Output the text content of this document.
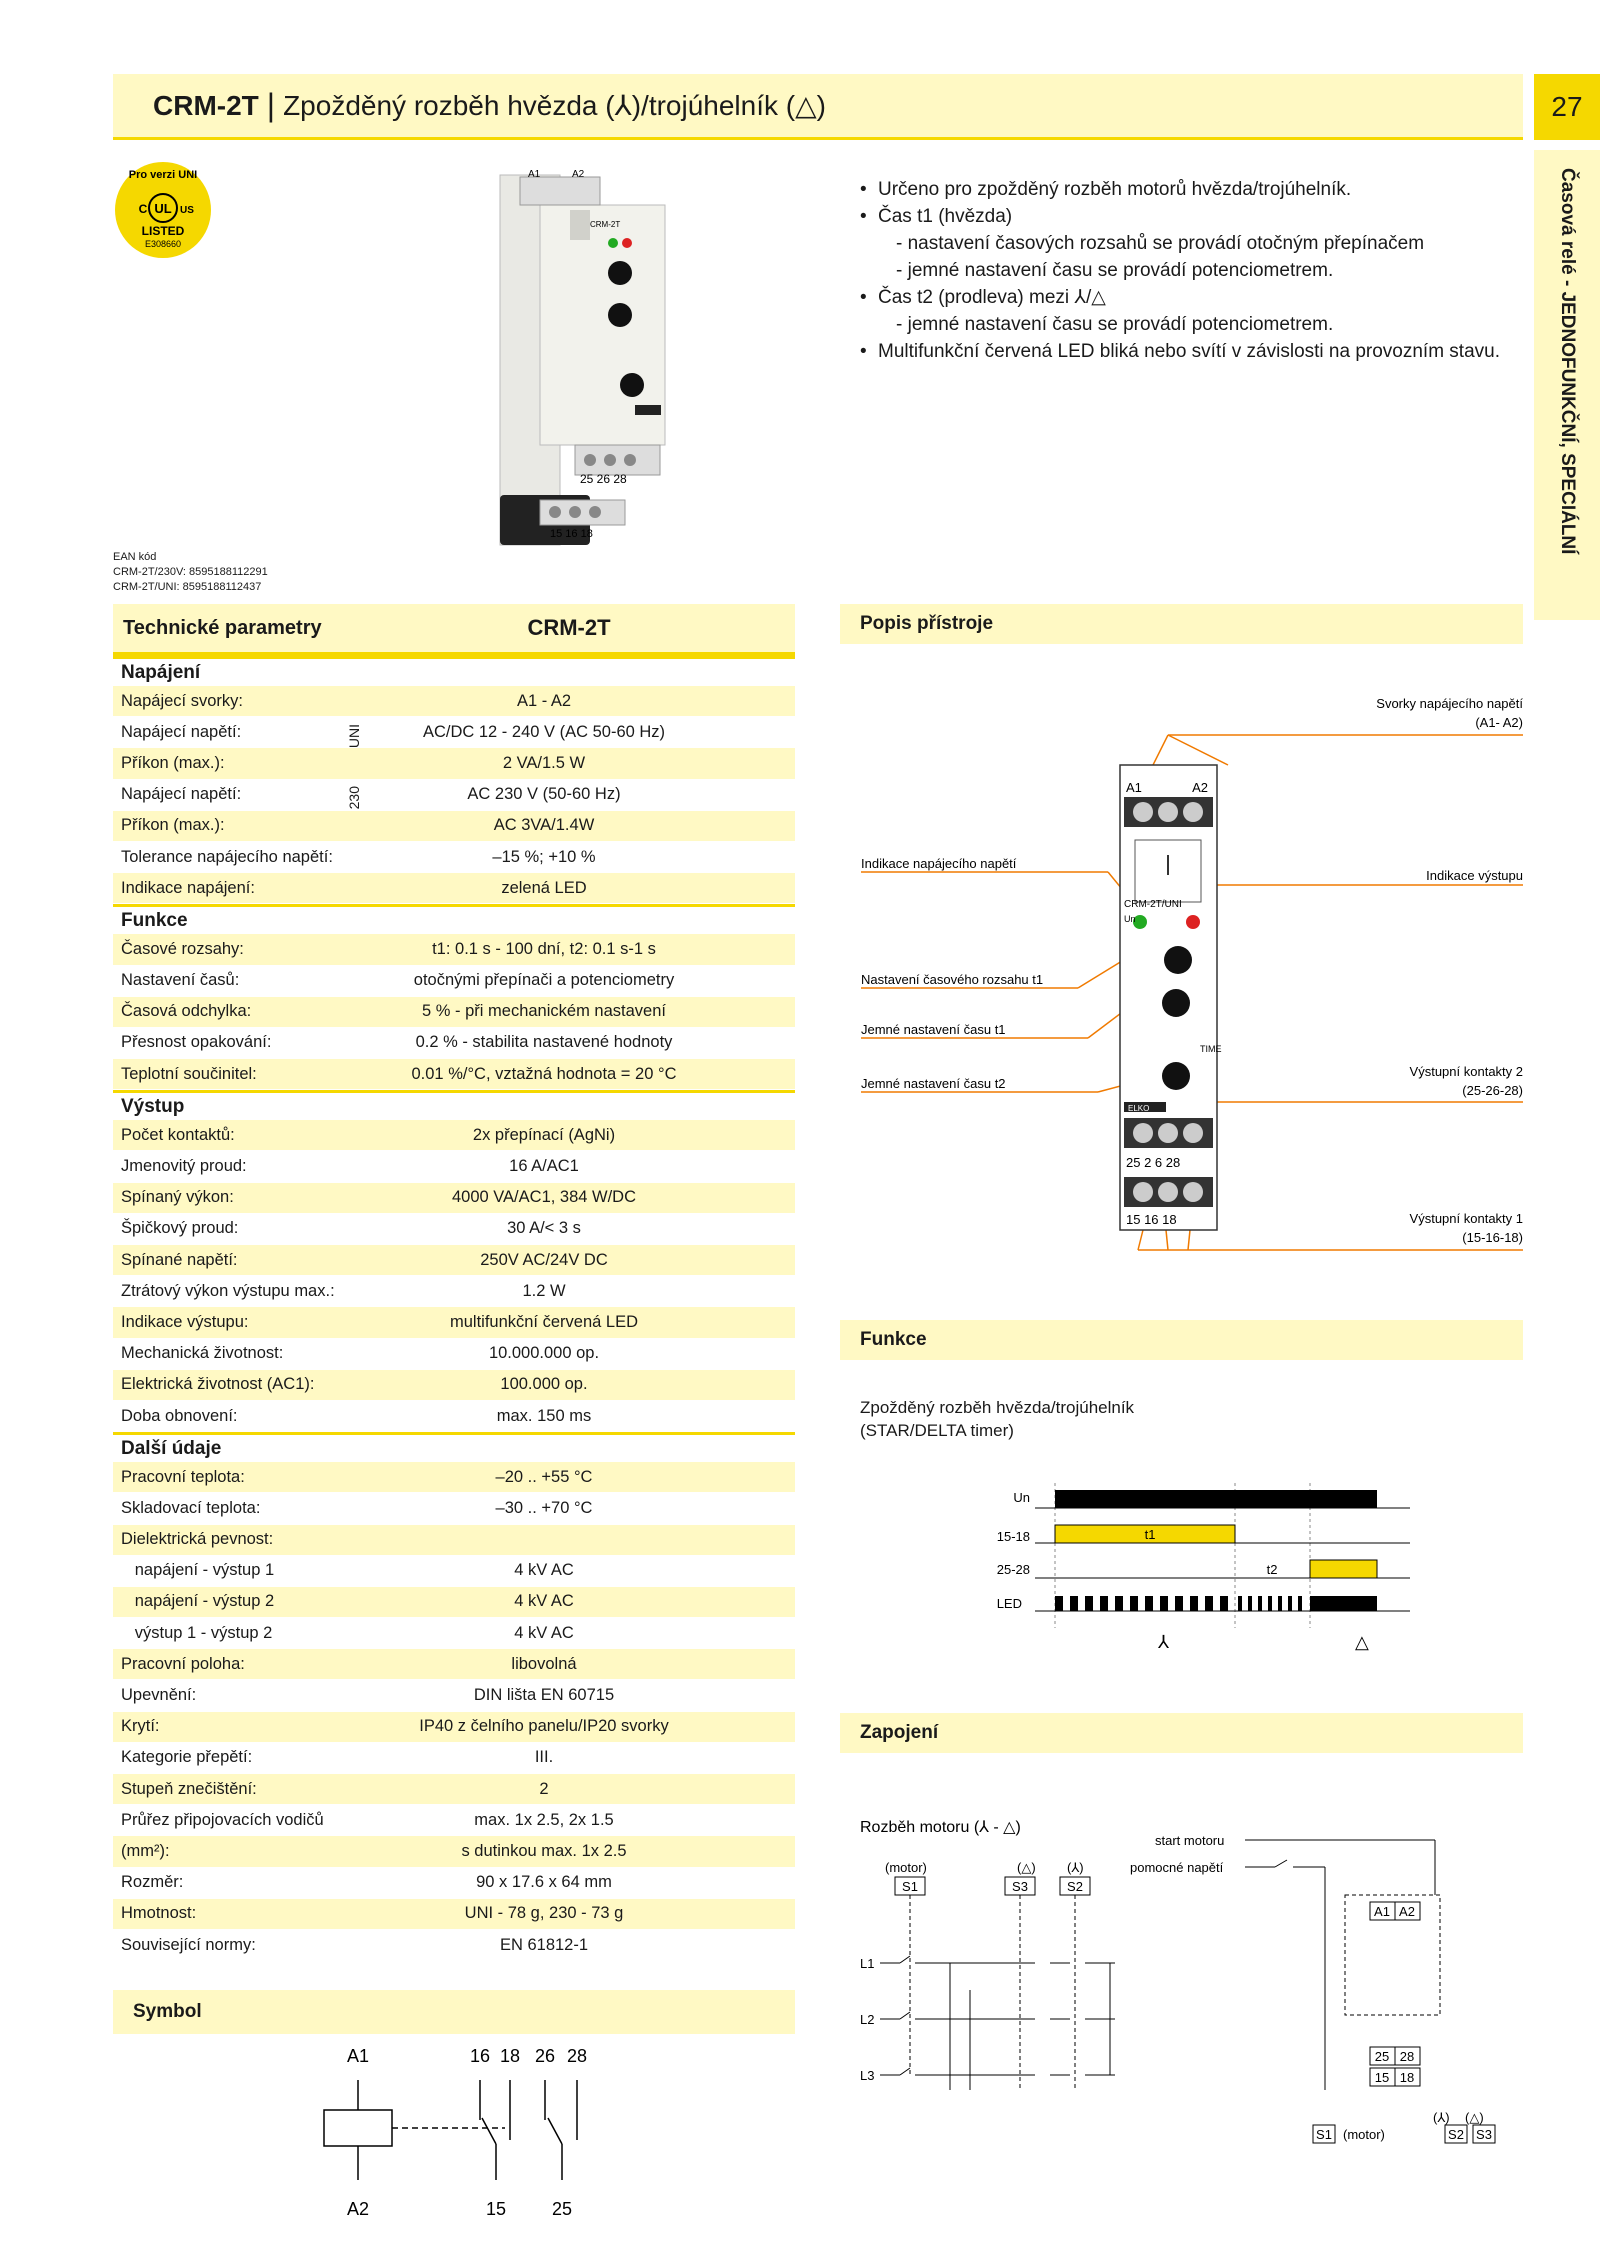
CRM-2T | Zpožděný rozběh hvězda (⅄)/trojúhelník (△)	27
Časová relé - JEDNOFUNKČNÍ, SPECIÁLNÍ
Pro verzi UNI
UL
C	US
LISTED
E308660
A1	A2
CRM-2T
25 26 28
15 16 18
• Určeno pro zpožděný rozběh motorů hvězda/trojúhelník.
• Čas t1 (hvězda)
- nastavení časových rozsahů se provádí otočným přepínačem
- jemné nastavení času se provádí potenciometrem.
• Čas t2 (prodleva) mezi ⅄/△
- jemné nastavení času se provádí potenciometrem.
• Multifunkční červená LED bliká nebo svítí v závislosti na provozním stavu.
EAN kód
CRM-2T/230V: 8595188112291
CRM-2T/UNI: 8595188112437
Technické parametry	CRM-2T
Napájení
Napájecí svorky:	A1 - A2
Napájecí napětí:	AC/DC 12 - 240 V (AC 50-60 Hz)
UNI
Příkon (max.):	2 VA/1.5 W
Napájecí napětí:	AC 230 V (50-60 Hz)
230
Příkon (max.):	AC 3VA/1.4W
Tolerance napájecího napětí:	–15 %; +10 %
Indikace napájení:	zelená LED
Funkce
Časové rozsahy:	t1: 0.1 s - 100 dní, t2: 0.1 s-1 s
Nastavení časů:	otočnými přepínači a potenciometry
Časová odchylka:	5 % - při mechanickém nastavení
Přesnost opakování:	0.2 % - stabilita nastavené hodnoty
Teplotní součinitel:	0.01 %/°C, vztažná hodnota = 20 °C
Výstup
Počet kontaktů:	2x přepínací (AgNi)
Jmenovitý proud:	16 A/AC1
Spínaný výkon:	4000 VA/AC1, 384 W/DC
Špičkový proud:	30 A/< 3 s
Spínané napětí:	250V AC/24V DC
Ztrátový výkon výstupu max.:	1.2 W
Indikace výstupu:	multifunkční červená LED
Mechanická životnost:	10.000.000 op.
Elektrická životnost (AC1):	100.000 op.
Doba obnovení:	max. 150 ms
Další údaje
Pracovní teplota:	–20 .. +55 °C
Skladovací teplota:	–30 .. +70 °C
Dielektrická pevnost:
napájení - výstup 1	4 kV AC
napájení - výstup 2	4 kV AC
výstup 1 - výstup 2	4 kV AC
Pracovní poloha:	libovolná
Upevnění:	DIN lišta EN 60715
Krytí:	IP40 z čelního panelu/IP20 svorky
Kategorie přepětí:	III.
Stupeň znečištění:	2
Průřez připojovacích vodičů	max. 1x 2.5, 2x 1.5
(mm²):	s dutinkou max. 1x 2.5
Rozměr:	90 x 17.6 x 64 mm
Hmotnost:	UNI - 78 g, 230 - 73 g
Související normy:	EN 61812-1
Symbol
A1	16 18 26 28
A2	15	25
Popis přístroje
Svorky napájecího napětí
(A1- A2)
Indikace napájecího napětí
Indikace výstupu
Nastavení časového rozsahu t1
Jemné nastavení času t1
Jemné nastavení času t2
Výstupní kontakty 2
(25-26-28)
Výstupní kontakty 1
(15-16-18)
A1	A2
CRM-2T/UNI
Un
TIME
ELKO
25 2 6 28
15 16 18
Funkce
Zpožděný rozběh hvězda/trojúhelník
(STAR/DELTA timer)
Un
15-18
25-28
LED
t1
t2
⅄	△
Zapojení
Rozběh motoru (⅄ - △)
(motor)
S1
(△) (⅄)
S3	S2
L1
L2
L3
start motoru
pomocné napětí
A1 A2
25 28
15 18
(⅄) (△)
S1 (motor)	S2 S3
